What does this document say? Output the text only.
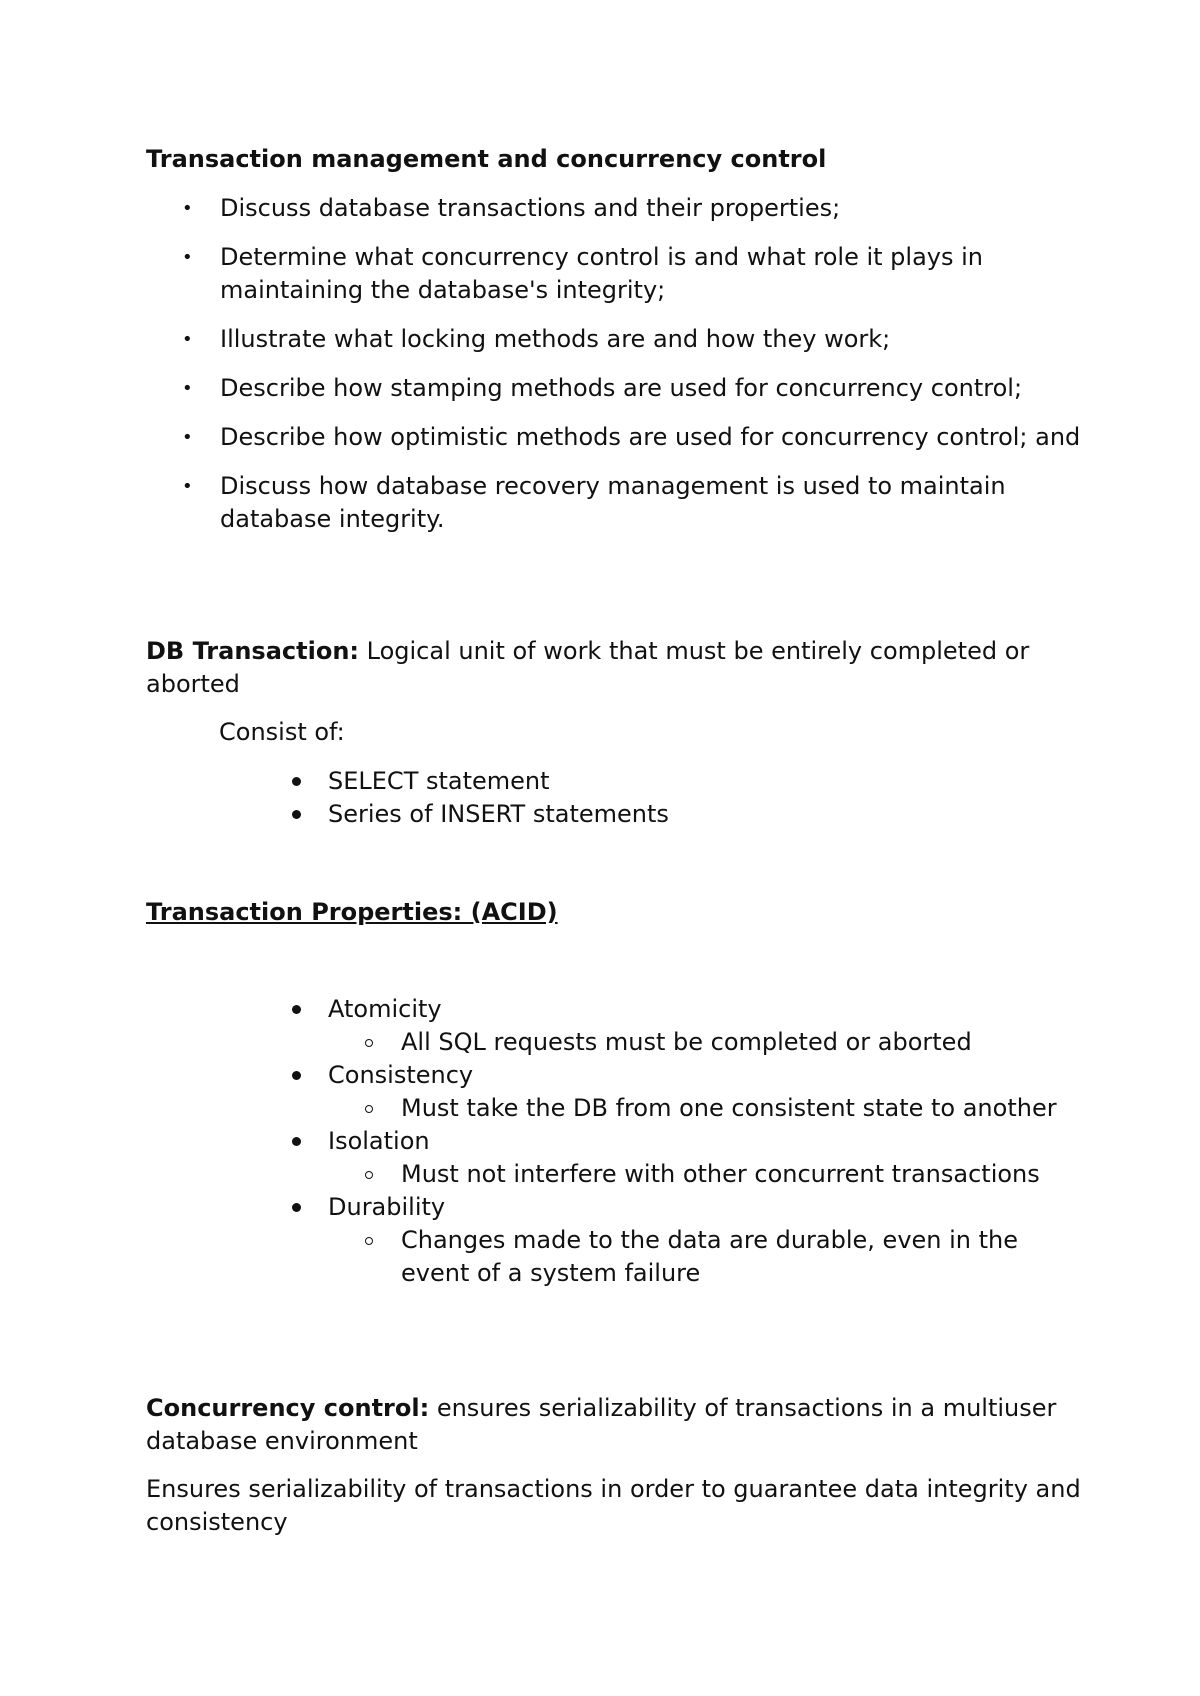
Transaction management and concurrency control
• Discuss database transactions and their properties;
• Determine what concurrency control is and what role it plays in maintaining the database's integrity;
• Illustrate what locking methods are and how they work;
• Describe how stamping methods are used for concurrency control;
• Describe how optimistic methods are used for concurrency control; and
• Discuss how database recovery management is used to maintain database integrity.

DB Transaction: Logical unit of work that must be entirely completed or aborted

Consist of:

SELECT statement
Series of INSERT statements

Transaction Properties: (ACID)

Atomicity
All SQL requests must be completed or aborted
Consistency
Must take the DB from one consistent state to another
Isolation
Must not interfere with other concurrent transactions
Durability
Changes made to the data are durable, even in the event of a system failure

Concurrency control: ensures serializability of transactions in a multiuser database environment

Ensures serializability of transactions in order to guarantee data integrity and consistency
